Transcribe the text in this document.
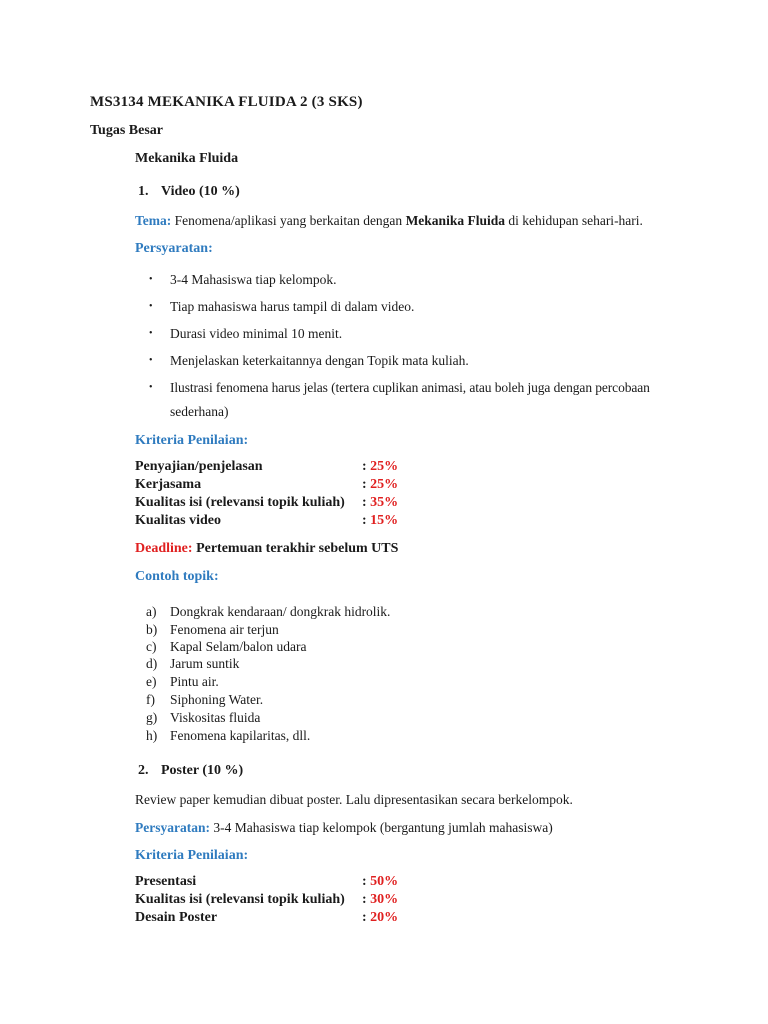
MS3134 MEKANIKA FLUIDA 2 (3 SKS)
Tugas Besar
Mekanika Fluida
1. Video (10 %)
Tema: Fenomena/aplikasi yang berkaitan dengan Mekanika Fluida di kehidupan sehari-hari.
Persyaratan:
• 3-4 Mahasiswa tiap kelompok.
• Tiap mahasiswa harus tampil di dalam video.
• Durasi video minimal 10 menit.
• Menjelaskan keterkaitannya dengan Topik mata kuliah.
• Ilustrasi fenomena harus jelas (tertera cuplikan animasi, atau boleh juga dengan percobaan
sederhana)
Kriteria Penilaian:
Penyajian/penjelasan	: 25%
Kerjasama	: 25%
Kualitas isi (relevansi topik kuliah) : 35%
Kualitas video	: 15%
Deadline: Pertemuan terakhir sebelum UTS
Contoh topik:
a) Dongkrak kendaraan/ dongkrak hidrolik.
b) Fenomena air terjun
c) Kapal Selam/balon udara
d) Jarum suntik
e) Pintu air.
f) Siphoning Water.
g) Viskositas fluida
h) Fenomena kapilaritas, dll.
2. Poster (10 %)
Review paper kemudian dibuat poster. Lalu dipresentasikan secara berkelompok.
Persyaratan: 3-4 Mahasiswa tiap kelompok (bergantung jumlah mahasiswa)
Kriteria Penilaian:
Presentasi	: 50%
Kualitas isi (relevansi topik kuliah) : 30%
Desain Poster	: 20%
